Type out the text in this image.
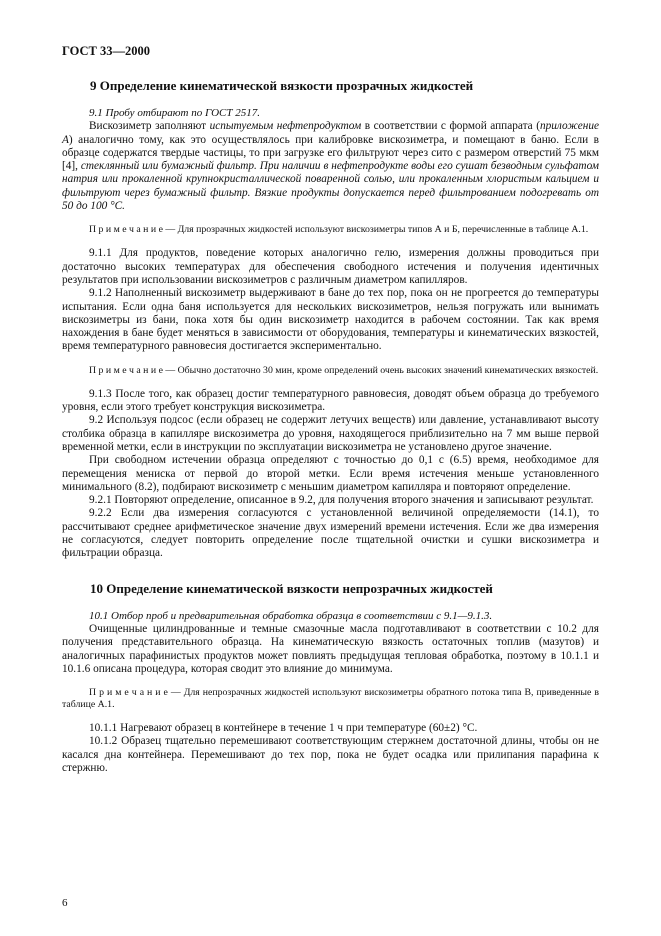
ГОСТ 33—2000
9 Определение кинематической вязкости прозрачных жидкостей

9.1 Пробу отбирают по ГОСТ 2517.

Вискозиметр заполняют испытуемым нефтепродуктом в соответствии с формой аппарата (приложение А) аналогично тому, как это осуществлялось при калибровке вискозиметра, и помещают в баню. Если в образце содержатся твердые частицы, то при загрузке его фильтруют через сито с размером отверстий 75 мкм [4], стеклянный или бумажный фильтр. При наличии в нефтепродукте воды его сушат безводным сульфатом натрия или прокаленной крупнокристаллической поваренной солью, или прокаленным хлористым кальцием и фильтруют через бумажный фильтр. Вязкие продукты допускается перед фильтрованием подогревать от 50 до 100 °С.

П р и м е ч а н и е — Для прозрачных жидкостей используют вискозиметры типов А и Б, перечисленные в таблице А.1.

9.1.1 Для продуктов, поведение которых аналогично гелю, измерения должны проводиться при достаточно высоких температурах для обеспечения свободного истечения и получения идентичных результатов при использовании вискозиметров с различным диаметром капилляров.

9.1.2 Наполненный вискозиметр выдерживают в бане до тех пор, пока он не прогреется до температуры испытания. Если одна баня используется для нескольких вискозиметров, нельзя погружать или вынимать вискозиметры из бани, пока хотя бы один вискозиметр находится в рабочем состоянии. Так как время нахождения в бане будет меняться в зависимости от оборудования, температуры и кинематических вязкостей, время температурного равновесия достигается экспериментально.

П р и м е ч а н и е — Обычно достаточно 30 мин, кроме определений очень высоких значений кинематических вязкостей.

9.1.3 После того, как образец достиг температурного равновесия, доводят объем образца до требуемого уровня, если этого требует конструкция вискозиметра.

9.2 Используя подсос (если образец не содержит летучих веществ) или давление, устанавливают высоту столбика образца в капилляре вискозиметра до уровня, находящегося приблизительно на 7 мм выше первой временной метки, если в инструкции по эксплуатации вискозиметра не установлено другое значение.

При свободном истечении образца определяют с точностью до 0,1 с (6.5) время, необходимое для перемещения мениска от первой до второй метки. Если время истечения меньше установленного минимального (8.2), подбирают вискозиметр с меньшим диаметром капилляра и повторяют определение.

9.2.1 Повторяют определение, описанное в 9.2, для получения второго значения и записывают результат.

9.2.2 Если два измерения согласуются с установленной величиной определяемости (14.1), то рассчитывают среднее арифметическое значение двух измерений времени истечения. Если же два измерения не согласуются, следует повторить определение после тщательной очистки и сушки вискозиметра и фильтрации образца.

10 Определение кинематической вязкости непрозрачных жидкостей

10.1 Отбор проб и предварительная обработка образца в соответствии с 9.1—9.1.3.

Очищенные цилиндрованные и темные смазочные масла подготавливают в соответствии с 10.2 для получения представительного образца. На кинематическую вязкость остаточных топлив (мазутов) и аналогичных парафинистых продуктов может повлиять предыдущая тепловая обработка, поэтому в 10.1.1 и 10.1.6 описана процедура, которая сводит это влияние до минимума.

П р и м е ч а н и е — Для непрозрачных жидкостей используют вискозиметры обратного потока типа В, приведенные в таблице А.1.

10.1.1 Нагревают образец в контейнере в течение 1 ч при температуре (60±2) °С.

10.1.2 Образец тщательно перемешивают соответствующим стержнем достаточной длины, чтобы он не касался дна контейнера. Перемешивают до тех пор, пока не будет осадка или прилипания парафина к стержню.

6
